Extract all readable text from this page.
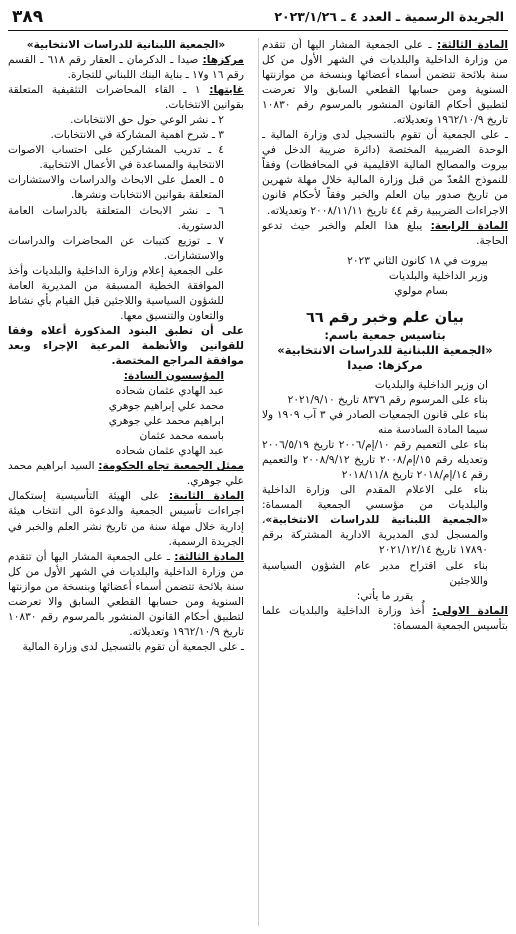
الجريدة الرسمية ـ العدد ٤ ـ ٢٠٢٣/١/٢٦
٣٨٩

المادة الثالثة: ـ على الجمعية المشار اليها أن تتقدم من وزارة الداخلية والبلديات في الشهر الأول من كل سنة بلائحة تتضمن أسماء أعضائها وبنسخة من موازنتها السنوية ومن حسابها القطعي السابق والا تعرضت لتطبيق أحكام القانون المنشور بالمرسوم رقم ١٠٨٣٠ تاريخ ١٩٦٢/١٠/٩ وتعديلاته.

ـ على الجمعية أن تقوم بالتسجيل لدى وزارة المالية ـ الوحدة الضريبية المختصة (دائرة ضريبة الدخل في بيروت والمصالح المالية الاقليمية في المحافظات) وفقاً للنموذج المُعدّ من قبل وزارة المالية خلال مهلة شهرين من تاريخ صدور بيان العلم والخبر وفقاً لأحكام قانون الاجراءات الضريبية رقم ٤٤ تاريخ ٢٠٠٨/١١/١١ وتعديلاته.

المادة الرابعة: يبلغ هذا العلم والخبر حيث تدعو الحاجة.

بيروت في ١٨ كانون الثاني ٢٠٢٣

وزير الداخلية والبلديات

بسام مولوي

بيان علم وخبر رقم ٦٦

بتاسيس جمعية باسم:

«الجمعية اللبنانية للدراسات الانتخابية»

مركزها: صيدا

ان وزير الداخلية والبلديات

بناء على المرسوم رقم ٨٣٧٦ تاريخ ٢٠٢١/٩/١٠

بناء على قانون الجمعيات الصادر في ٣ آب ١٩٠٩ ولا سيما المادة السادسة منه

بناء على التعميم رقم ١٠/إم/٢٠٠٦ تاريخ ٢٠٠٦/٥/١٩ وتعديله رقم ١٥/إم/٢٠٠٨ تاريخ ٢٠٠٨/٩/١٢ والتعميم رقم ١٤/إم/٢٠١٨ تاريخ ٢٠١٨/١١/٨

بناء على الاعلام المقدم الى وزارة الداخلية والبلديات من مؤسسي الجمعية المسماة: «الجمعية اللبنانية للدراسات الانتخابية»، والمسجل لدى المديرية الادارية المشتركة برقم ١٧٨٩٠ تاريخ ٢٠٢١/١٢/١٤

بناء على اقتراح مدير عام الشؤون السياسية واللاجئين

يقرر ما يأتي:

المادة الاولى: أُخذ وزارة الداخلية والبلديات علما بتأسيس الجمعية المسماة:

«الجمعية اللبنانية للدراسات الانتخابية»

مركزها: صيدا ـ الدكرمان ـ العقار رقم ٦١٨ ـ القسم رقم ١٦ و١٧ ـ بناية البنك اللبناني للتجارة.

غايتها: ١ ـ القاء المحاضرات التثقيفية المتعلقة بقوانين الانتخابات.

٢ ـ نشر الوعي حول حق الانتخابات.

٣ ـ شرح اهمية المشاركة في الانتخابات.

٤ ـ تدريب المشاركين على احتساب الاصوات الانتخابية والمساعدة في الأعمال الانتخابية.

٥ ـ العمل على الابحاث والدراسات والاستشارات المتعلقة بقوانين الانتخابات ونشرها.

٦ ـ نشر الابحاث المتعلقة بالدراسات العامة الدستورية.

٧ ـ توزيع كتيبات عن المحاضرات والدراسات والاستشارات.

على الجمعية إعلام وزارة الداخلية والبلديات وأخذ الموافقة الخطية المسبقة من المديرية العامة للشؤون السياسية واللاجئين قبل القيام بأي نشاط والتعاون والتنسيق معها.

على أن تطبق البنود المذكورة أعلاه وفقا للقوانين والأنظمة المرعية الإجراء وبعد موافقة المراجع المختصة.

المؤسسون السادة:

عبد الهادي عثمان شحاده

محمد علي إبراهيم جوهري

ابراهيم محمد علي جوهري

باسمه محمد عثمان

عبد الهادي عثمان شحاده

ممثل الجمعية تجاه الحكومة: السيد ابراهيم محمد علي جوهري.

المادة الثانية: على الهيئة التأسيسية إستكمال اجراءات تأسيس الجمعية والدعوة الى انتخاب هيئة إدارية خلال مهلة سنة من تاريخ نشر العلم والخبر في الجريدة الرسمية.

المادة الثالثة: ـ على الجمعية المشار اليها أن تتقدم من وزارة الداخلية والبلديات في الشهر الأول من كل سنة بلائحة تتضمن أسماء أعضائها وبنسخة من موازنتها السنوية ومن حسابها القطعي السابق والا تعرضت لتطبيق أحكام القانون المنشور بالمرسوم رقم ١٠٨٣٠ تاريخ ١٩٦٢/١٠/٩ وتعديلاته.

ـ على الجمعية أن تقوم بالتسجيل لدى وزارة المالية
